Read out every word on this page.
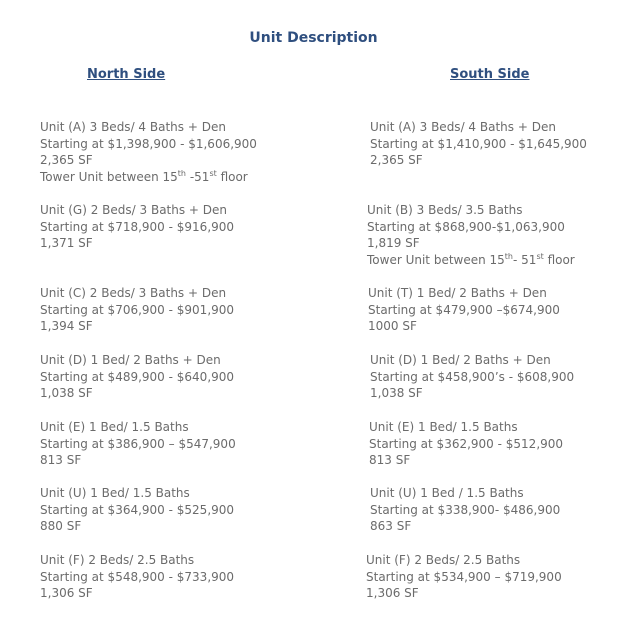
Unit Description
North Side	South Side
Unit (A) 3 Beds/ 4 Baths + Den
Starting at $1,398,900 - $1,606,900
2,365 SF
Tower Unit between 15th -51st floor
Unit (G) 2 Beds/ 3 Baths + Den
Starting at $718,900 - $916,900
1,371 SF
Unit (C) 2 Beds/ 3 Baths + Den
Starting at $706,900 - $901,900
1,394 SF
Unit (D) 1 Bed/ 2 Baths + Den
Starting at $489,900 - $640,900
1,038 SF
Unit (E) 1 Bed/ 1.5 Baths
Starting at $386,900 – $547,900
813 SF
Unit (U) 1 Bed/ 1.5 Baths
Starting at $364,900 - $525,900
880 SF
Unit (F) 2 Beds/ 2.5 Baths
Starting at $548,900 - $733,900
1,306 SF
Unit (A) 3 Beds/ 4 Baths + Den
Starting at $1,410,900 - $1,645,900
2,365 SF
Unit (B) 3 Beds/ 3.5 Baths
Starting at $868,900-$1,063,900
1,819 SF
Tower Unit between 15th- 51st floor
Unit (T) 1 Bed/ 2 Baths + Den
Starting at $479,900 –$674,900
1000 SF
Unit (D) 1 Bed/ 2 Baths + Den
Starting at $458,900’s - $608,900
1,038 SF
Unit (E) 1 Bed/ 1.5 Baths
Starting at $362,900 - $512,900
813 SF
Unit (U) 1 Bed / 1.5 Baths
Starting at $338,900- $486,900
863 SF
Unit (F) 2 Beds/ 2.5 Baths
Starting at $534,900 – $719,900
1,306 SF
